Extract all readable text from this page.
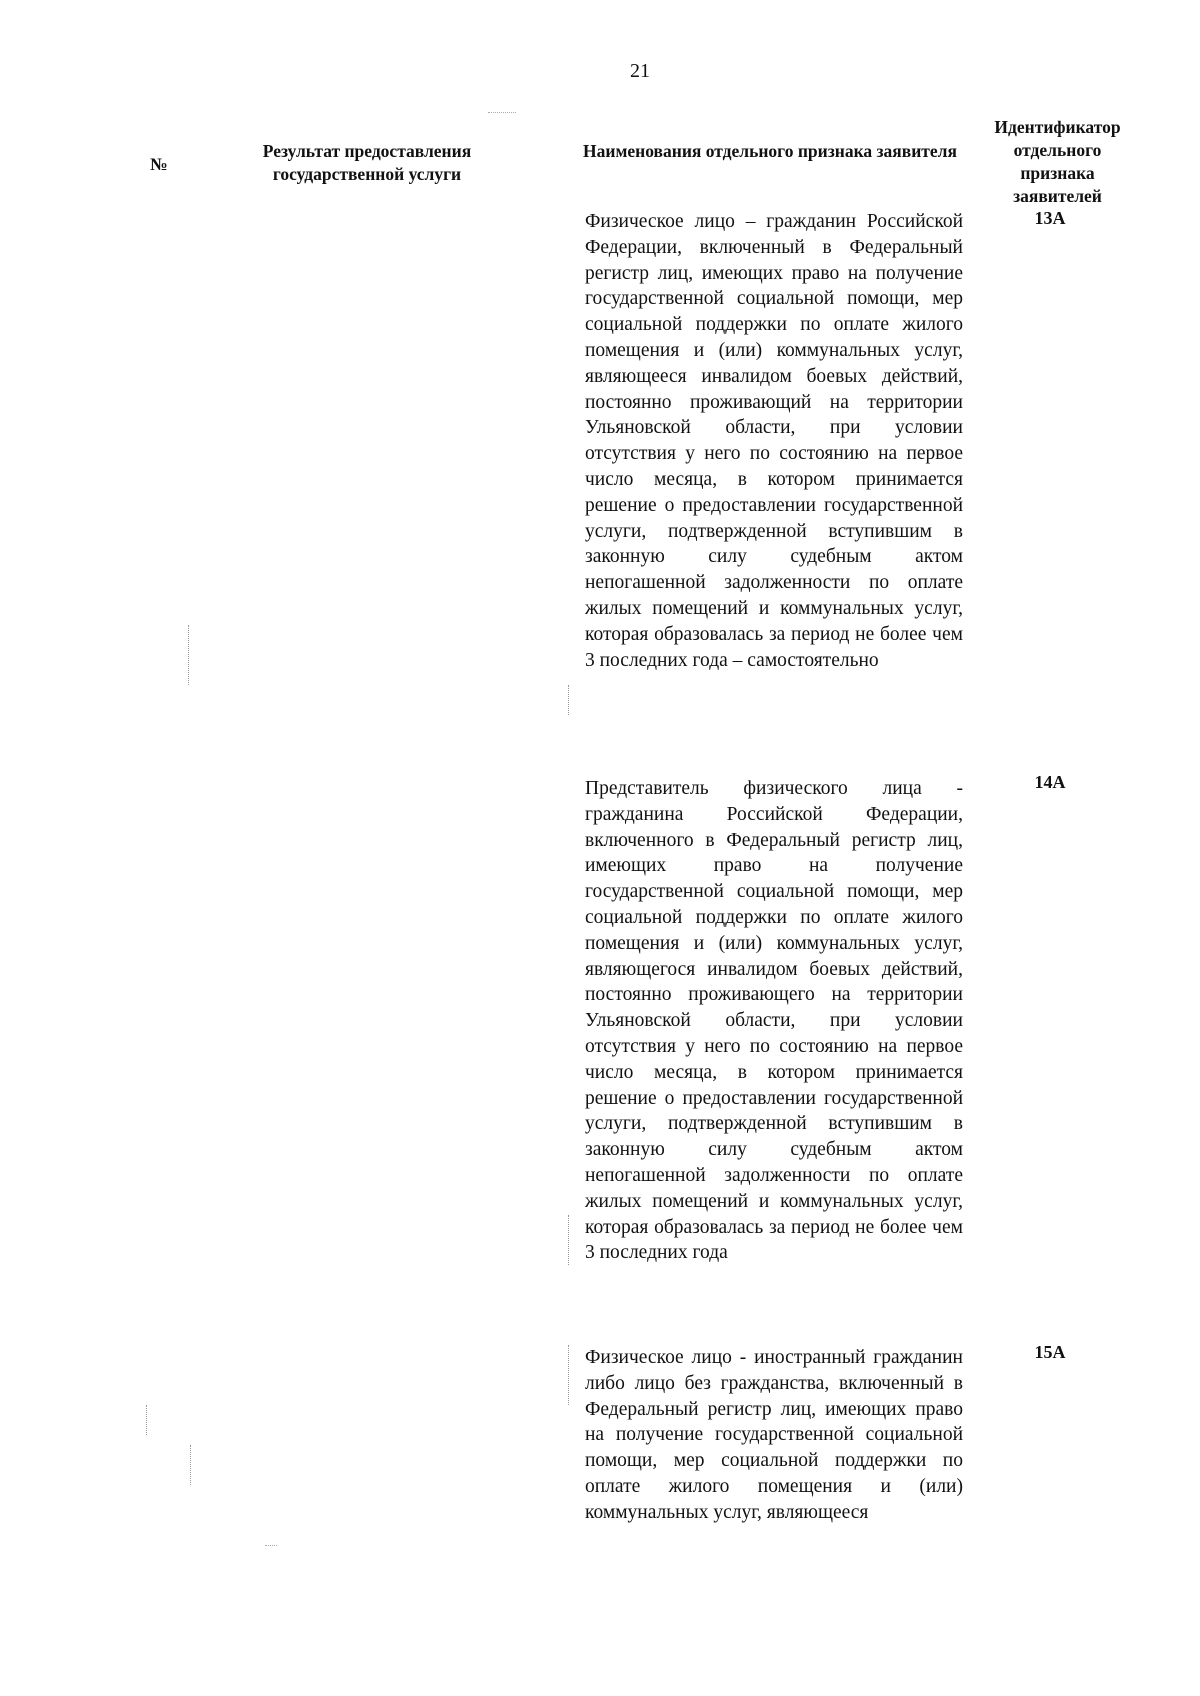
21
№
Результат предоставления государственной услуги
Наименования отдельного признака заявителя
Идентификатор отдельного признака заявителей
Физическое лицо – гражданин Российской Федерации, включенный в Федеральный регистр лиц, имеющих право на получение государственной социальной помощи, мер социальной поддержки по оплате жилого помещения и (или) коммунальных услуг, являющееся инвалидом боевых действий, постоянно проживающий на территории Ульяновской области, при условии отсутствия у него по состоянию на первое число месяца, в котором принимается решение о предоставлении государственной услуги, подтвержденной вступившим в законную силу судебным актом непогашенной задолженности по оплате жилых помещений и коммунальных услуг, которая образовалась за период не более чем 3 последних года – самостоятельно
13А
Представитель физического лица - гражданина Российской Федерации, включенного в Федеральный регистр лиц, имеющих право на получение государственной социальной помощи, мер социальной поддержки по оплате жилого помещения и (или) коммунальных услуг, являющегося инвалидом боевых действий, постоянно проживающего на территории Ульяновской области, при условии отсутствия у него по состоянию на первое число месяца, в котором принимается решение о предоставлении государственной услуги, подтвержденной вступившим в законную силу судебным актом непогашенной задолженности по оплате жилых помещений и коммунальных услуг, которая образовалась за период не более чем 3 последних года
14А
Физическое лицо - иностранный гражданин либо лицо без гражданства, включенный в Федеральный регистр лиц, имеющих право на получение государственной социальной помощи, мер социальной поддержки по оплате жилого помещения и (или) коммунальных услуг, являющееся
15А
